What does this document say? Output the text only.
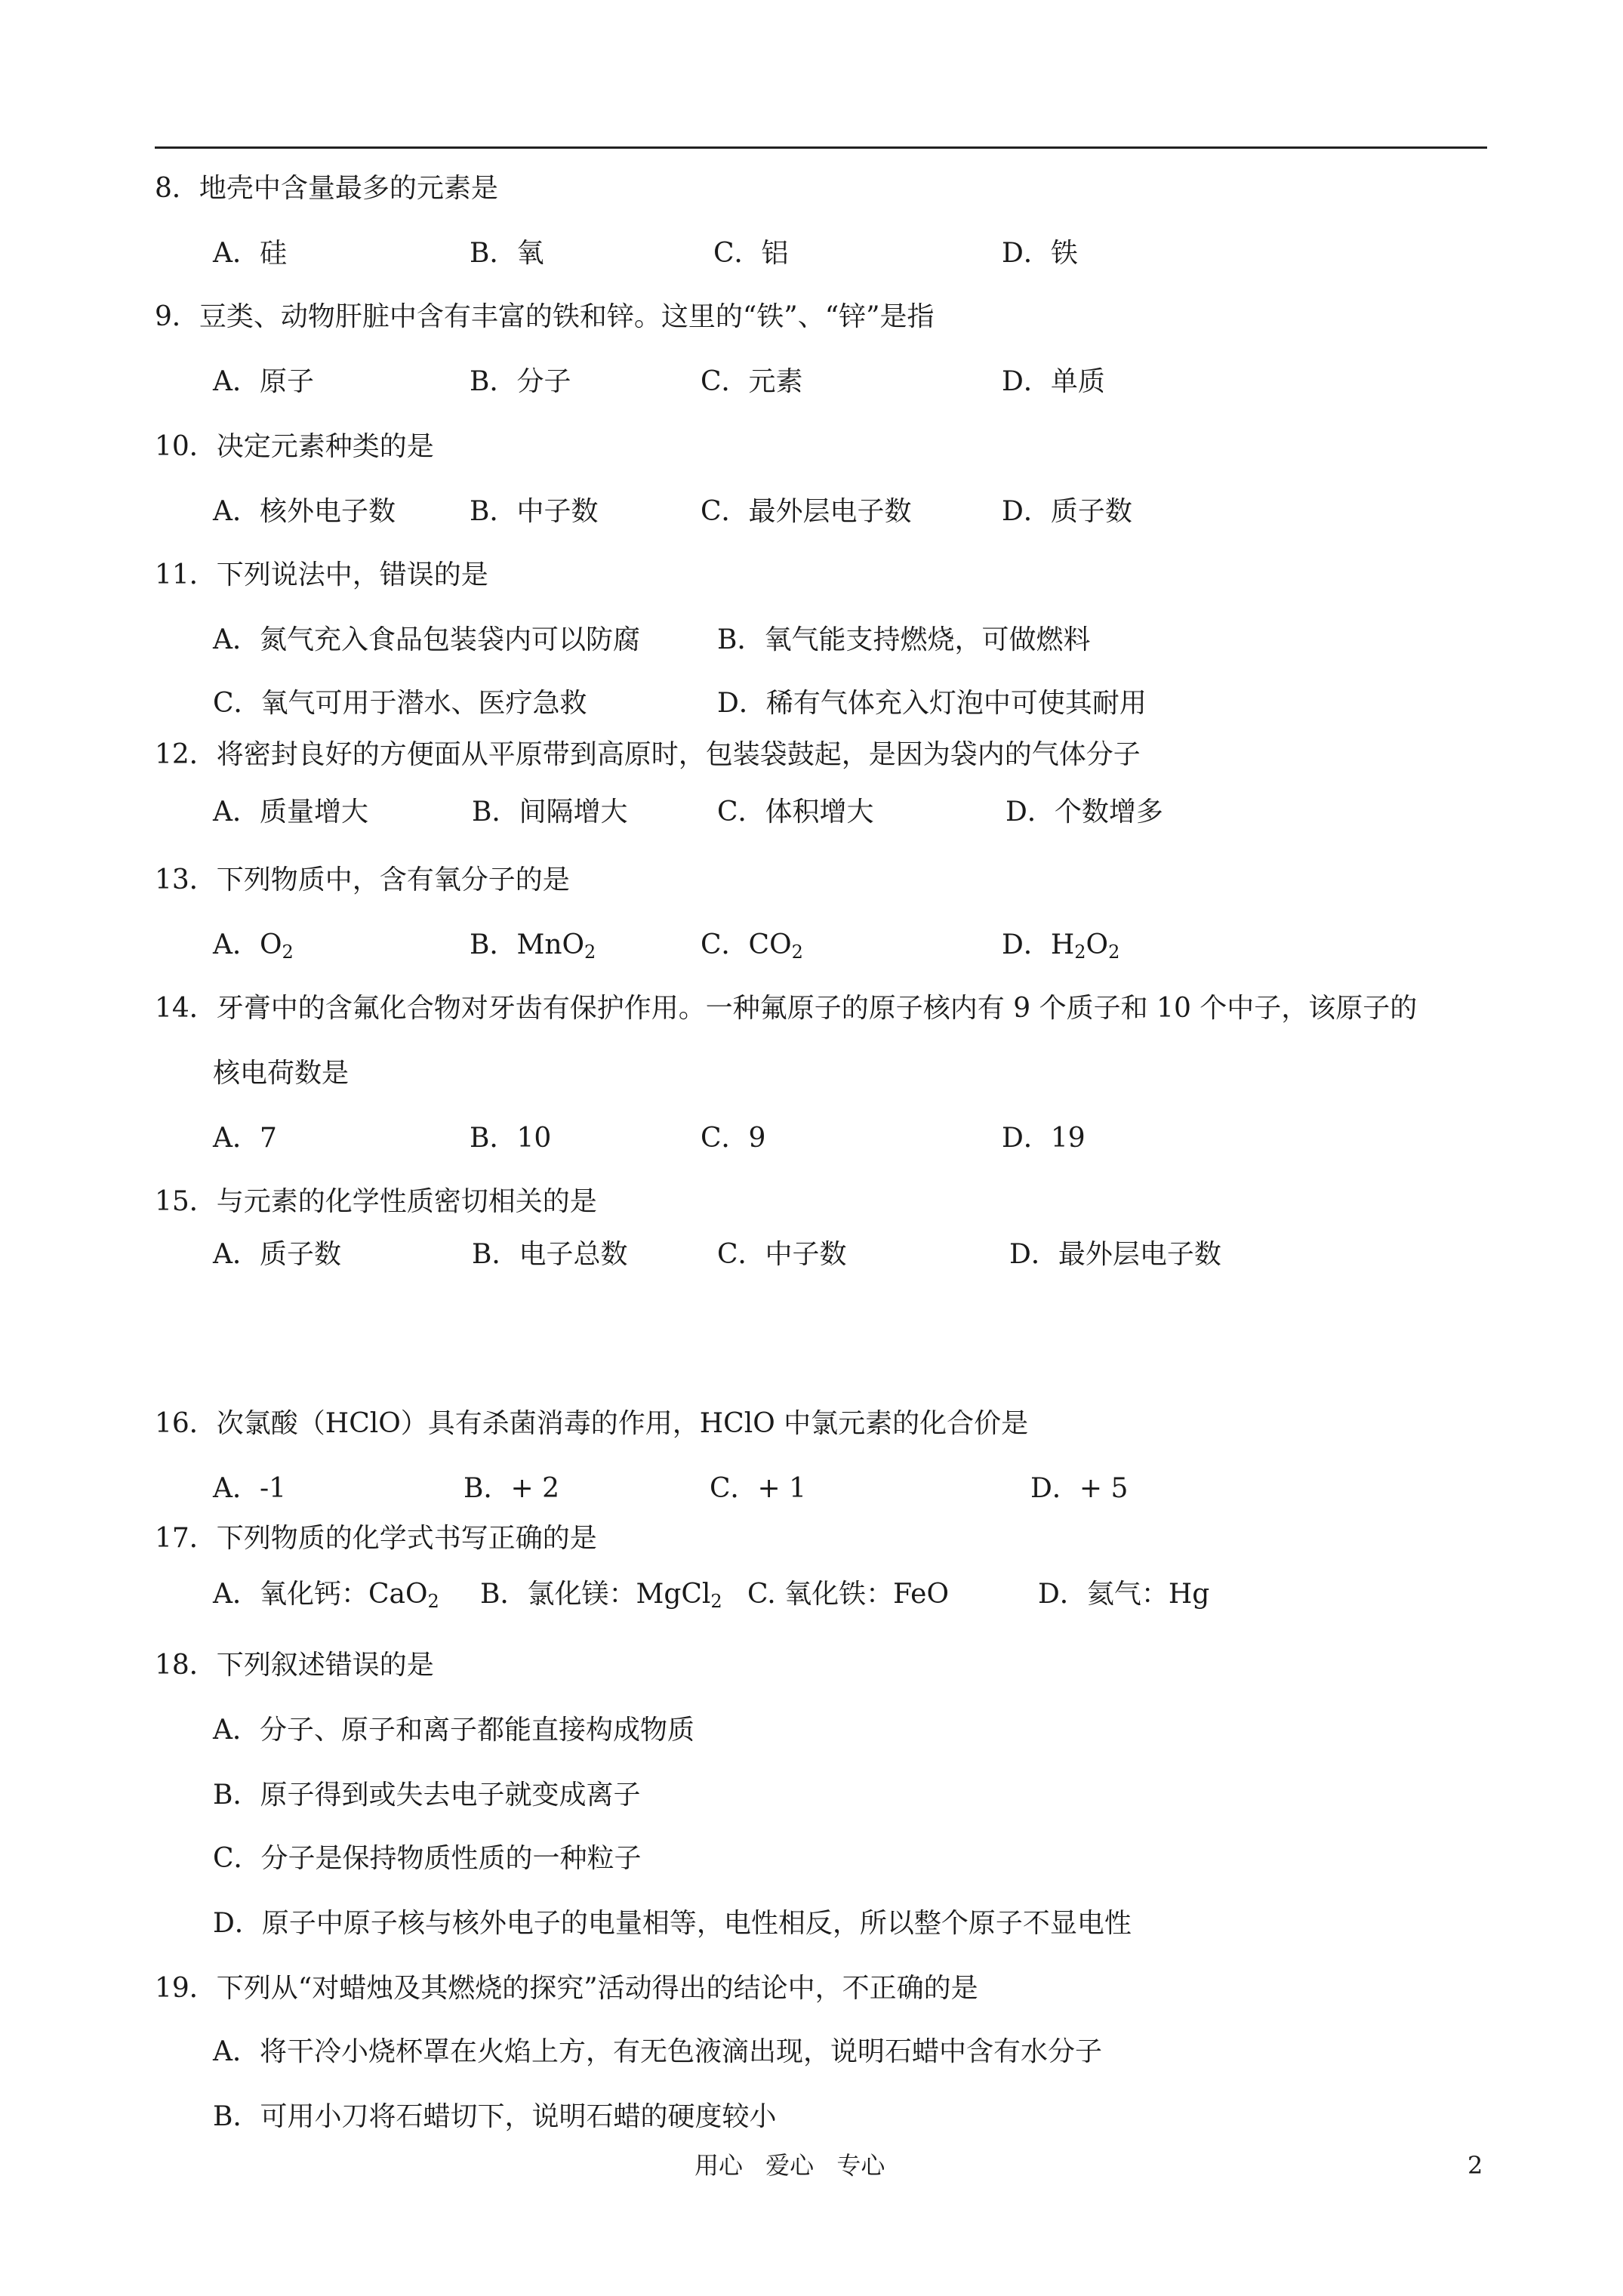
8．地壳中含量最多的元素是
A．硅	B．氧	C．铝	D．铁
9．豆类、动物肝脏中含有丰富的铁和锌。这里的“铁”、“锌”是指
A．原子	B．分子	C．元素	D．单质
10．决定元素种类的是
A．核外电子数	B．中子数	C．最外层电子数	D．质子数
11．下列说法中，错误的是
A．氮气充入食品包装袋内可以防腐	B．氧气能支持燃烧，可做燃料
C．氧气可用于潜水、医疗急救	D．稀有气体充入灯泡中可使其耐用
12．将密封良好的方便面从平原带到高原时，包装袋鼓起，是因为袋内的气体分子
A．质量增大	B．间隔增大	C．体积增大	D．个数增多
13．下列物质中，含有氧分子的是
A．$O_2$	B．MnO$_2$	C．$CO_2$	D．$H_2O_2$
14．牙膏中的含氟化合物对牙齿有保护作用。一种氟原子的原子核内有 9 个质子和 10 个中子，该原子的
核电荷数是
A．7	B．10	C．9	D．19
15．与元素的化学性质密切相关的是
A．质子数	B．电子总数	C．中子数	D．最外层电子数
16．次氯酸（HClO）具有杀菌消毒的作用，HClO 中氯元素的化合价是
A．-1	B．+ 2	C．+ 1	D．+ 5
17．下列物质的化学式书写正确的是
A．氧化钙：CaO$_2$ B．氯化镁：MgCl$_2$ C. 氧化铁：FeO	D．氦气：Hg
18．下列叙述错误的是
A．分子、原子和离子都能直接构成物质
B．原子得到或失去电子就变成离子
C．分子是保持物质性质的一种粒子
D．原子中原子核与核外电子的电量相等，电性相反，所以整个原子不显电性
19．下列从“对蜡烛及其燃烧的探究”活动得出的结论中，不正确的是
A．将干冷小烧杯罩在火焰上方，有无色液滴出现，说明石蜡中含有水分子
B．可用小刀将石蜡切下，说明石蜡的硬度较小
用心 爱心 专心	2
